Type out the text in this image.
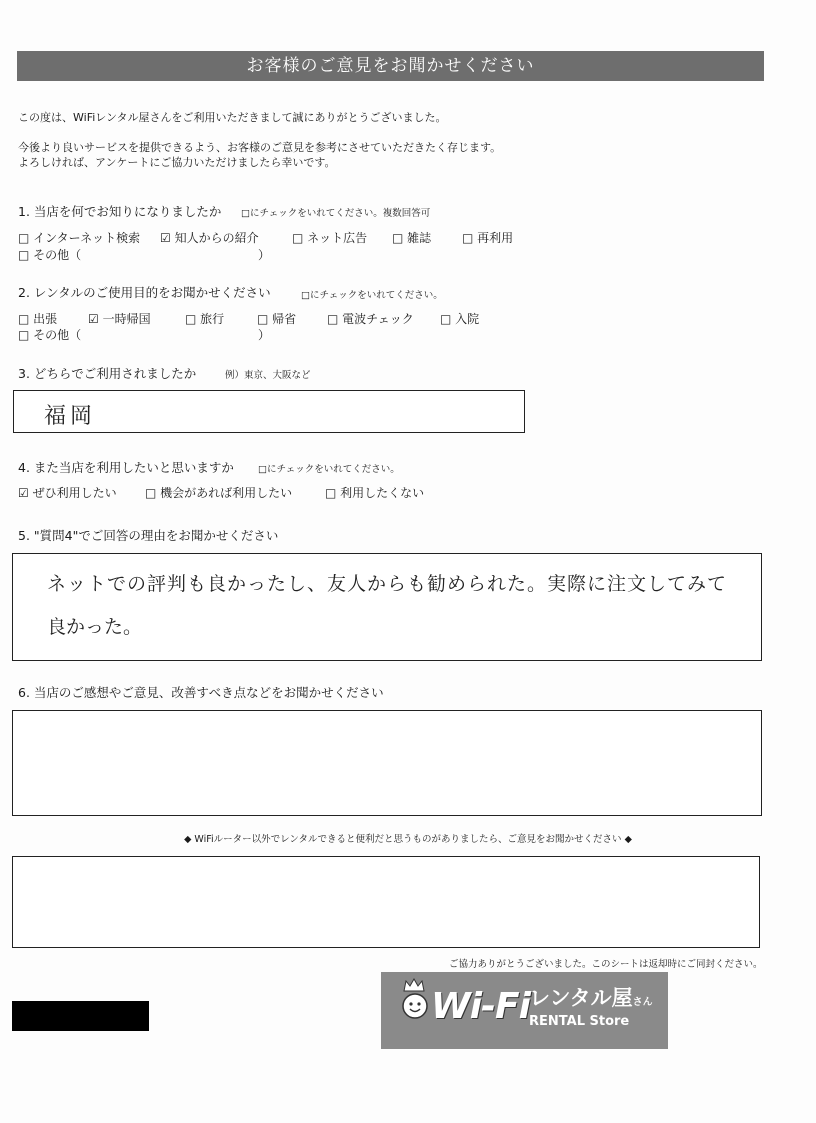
お客様のご意見をお聞かせください
この度は、WiFiレンタル屋さんをご利用いただきまして誠にありがとうございました。
今後より良いサービスを提供できるよう、お客様のご意見を参考にさせていただきたく存じます。
よろしければ、アンケートにご協力いただけましたら幸いです。
1. 当店を何でお知りになりましたか □にチェックをいれてください。複数回答可
□ インターネット検索 ☑ 知人からの紹介	□ ネット広告 □ 雑誌	□ 再利用
□ その他（	）
2. レンタルのご使用目的をお聞かせください	□にチェックをいれてください。
□ 出張	☑ 一時帰国	□ 旅行	□ 帰省	□ 電波チェック □ 入院
□ その他（	）
3. どちらでご利用されましたか	例）東京、大阪など
福岡
4. また当店を利用したいと思いますか	□にチェックをいれてください。
☑ ぜひ利用したい □ 機会があれば利用したい	□ 利用したくない
5. "質問4"でご回答の理由をお聞かせください
ネットでの評判も良かったし、友人からも勧められた。実際に注文してみて
良かった。
6. 当店のご感想やご意見、改善すべき点などをお聞かせください
◆ WiFiルーター以外でレンタルできると便利だと思うものがありましたら、ご意見をお聞かせください ◆
ご協力ありがとうございました。このシートは返却時にご同封ください。
Wi-Fi レンタル屋さん
RENTAL Store
